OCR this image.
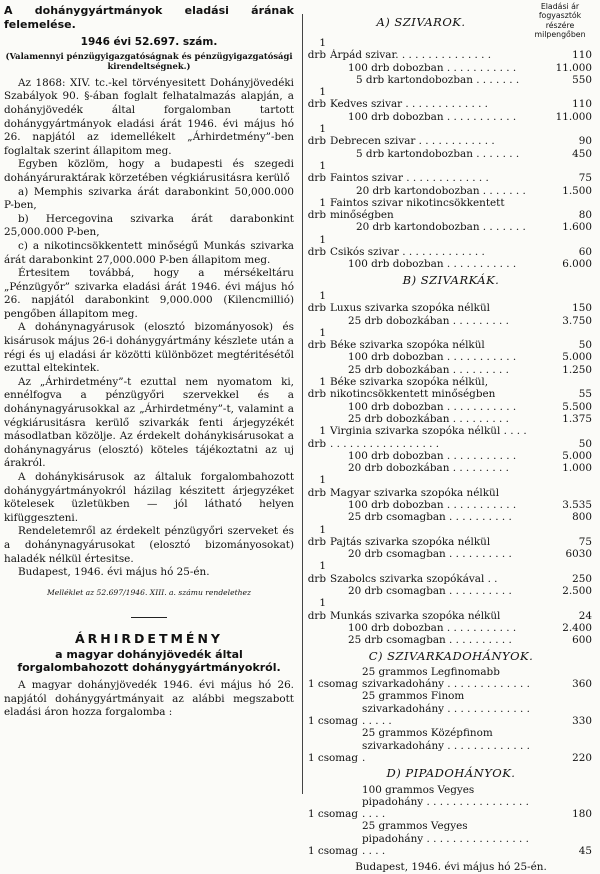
A dohánygyártmányok eladási árának felemelése.

1946 évi 52.697. szám.
(Valamennyi pénzügyigazgatóságnak és pénzügyigazgatósági kirendeltségnek.)

Az 1868: XIV. tc.-kel törvényesitett Dohányjövedéki Szabályok 90. §-ában foglalt felhatalmazás alapján, a dohányjövedék által forgalomban tartott dohánygyártmányok eladási árát 1946. évi május hó 26. napjától az idemellékelt „Árhirdetmény”-ben foglaltak szerint állapitom meg.

Egyben közlöm, hogy a budapesti és szegedi dohányáruraktárak körzetében végkiárusitásra kerülő

a) Memphis szivarka árát darabonkint 50,000.000 P-ben,

b) Hercegovina szivarka árát darabonkint 25,000.000 P-ben,

c) a nikotincsökkentett minőségű Munkás szivarka árát darabonkint 27,000.000 P-ben állapitom meg.

Értesitem továbbá, hogy a mérsékeltáru „Pénzügyőr” szivarka eladási árát 1946. évi május hó 26. napjától darabonkint 9,000.000 (Kilencmillió) pengőben állapitom meg.

A dohánynagyárusok (elosztó bizományosok) és kisárusok május 26-i dohánygyártmány készlete után a régi és uj eladási ár közötti különbözet megtéritésétől ezuttal eltekintek.

Az „Árhirdetmény”-t ezuttal nem nyomatom ki, ennélfogva a pénzügyőri szervekkel és a dohánynagyárusokkal az „Árhirdetmény”-t, valamint a végkiárusitásra kerülő szivarkák fenti árjegyzékét másodlatban közölje. Az érdekelt dohánykisárusokat a dohánynagyárus (elosztó) köteles tájékoztatni az uj árakról.

A dohánykisárusok az általuk forgalombahozott dohánygyártmányokról házilag készitett árjegyzéket kötelesek üzletükben — jól látható helyen kifüggeszteni.

Rendeletemről az érdekelt pénzügyőri szerveket és a dohánynagyárusokat (elosztó bizományosokat) haladék nélkül értesitse.

Budapest, 1946. évi május hó 25-én.

Melléklet az 52.697/1946. XIII. a. számu rendelethez
ÁRHIRDETMÉNY
a magyar dohányjövedék által forgalombahozott dohánygyártmányokról.

A magyar dohányjövedék 1946. évi május hó 26. napjától dohánygyártmányait az alábbi megszabott eladási áron hozza forgalomba :

A) SZIVAROK.
Eladási ár fogyasztók részére milpengőben
1 drb Árpád szivar. . . . . . . . . . . . . . .	110
100 drb dobozban . . . . . . . . . . .	11.000
5 drb kartondobozban . . . . . . .	550
1 drb Kedves szivar . . . . . . . . . . . . .	110
100 drb dobozban . . . . . . . . . . .	11.000
1 drb Debrecen szivar . . . . . . . . . . . .	90
5 drb kartondobozban . . . . . . .	450
1 drb Faintos szivar . . . . . . . . . . . . .	75
20 drb kartondobozban . . . . . . .	1.500
1 drb
Faintos szivar nikotincsökkentett minőségben	80
20 drb kartondobozban . . . . . . .	1.600
1 drb Csikós szivar . . . . . . . . . . . . .	60
100 drb dobozban . . . . . . . . . . .	6.000
B) SZIVARKÁK.
1 drb Luxus szivarka szopóka nélkül	150
25 drb dobozkában . . . . . . . . .	3.750
1 drb Béke szivarka szopóka nélkül	50
100 drb dobozban . . . . . . . . . . .	5.000
25 drb dobozkában . . . . . . . . .	1.250
1 drb
Béke szivarka szopóka nélkül, nikotincsökkentett minőségben	55
100 drb dobozban . . . . . . . . . . .	5.500
25 drb dobozkában . . . . . . . . .	1.375
1 drb
Virginia szivarka szopóka nélkül . . . . . . . . . . . . . . . . . . . . .	50
100 drb dobozban . . . . . . . . . . .	5.000
20 drb dobozkában . . . . . . . . .	1.000
1 drb Magyar szivarka szopóka nélkül
100 drb dobozban . . . . . . . . . . .	3.535
25 drb csomagban . . . . . . . . . .	800
1 drb Pajtás szivarka szopóka nélkül	75
20 drb csomagban . . . . . . . . . .	6030
1 drb Szabolcs szivarka szopókával . .	250
20 drb csomagban . . . . . . . . . .	2.500
1 drb Munkás szivarka szopóka nélkül	24
100 drb dobozban . . . . . . . . . . .	2.400
25 drb csomagban . . . . . . . . . .	600
C) SZIVARKADOHÁNYOK.
1 csomag
25 grammos Legfinomabb szivarkadohány . . . . . . . . . . . . .	360
1 csomag
25 grammos Finom szivarkadohány . . . . . . . . . . . . . . . . . .	330
1 csomag
25 grammos Középfinom szivarkadohány . . . . . . . . . . . . . .	220
D) PIPADOHÁNYOK.
1 csomag
100 grammos Vegyes pipadohány . . . . . . . . . . . . . . . . . . . .	180
1 csomag
25 grammos Vegyes pipadohány . . . . . . . . . . . . . . . . . . . .	45
Budapest, 1946. évi május hó 25-én.
